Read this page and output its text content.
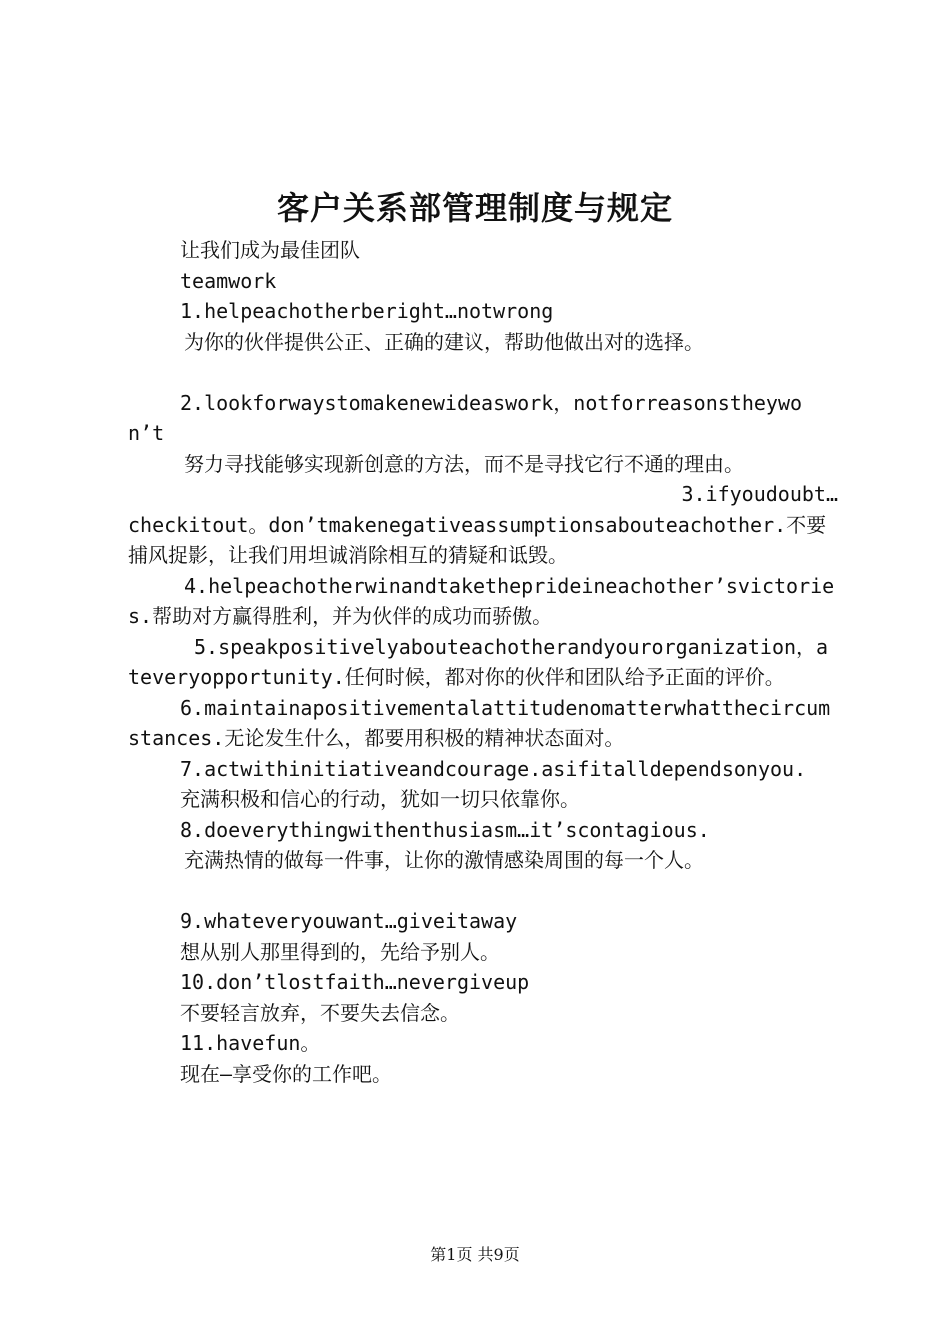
客户关系部管理制度与规定

让我们成为最佳团队

teamwork

1.helpeachotherberight…notwrong

为你的伙伴提供公正、正确的建议，帮助他做出对的选择。

2.lookforwaystomakenewideaswork，notforreasonstheywon’t

努力寻找能够实现新创意的方法，而不是寻找它行不通的理由。

3.ifyoudoubt…

checkitout。don’tmakenegativeassumptionsabouteachother.不要捕风捉影，让我们用坦诚消除相互的猜疑和诋毁。

4.helpeachotherwinandtaketheprideineachother’svictories.帮助对方赢得胜利，并为伙伴的成功而骄傲。

5.speakpositivelyabouteachotherandyourorganization，ateveryopportunity.任何时候，都对你的伙伴和团队给予正面的评价。

6.maintainapositivementalattitudenomatterwhatthecircumstances.无论发生什么，都要用积极的精神状态面对。

7.actwithinitiativeandcourage.asifitalldependsonyou.

充满积极和信心的行动，犹如一切只依靠你。

8.doeverythingwithenthusiasm…it’scontagious.

充满热情的做每一件事，让你的激情感染周围的每一个人。

9.whateveryouwant…giveitaway

想从别人那里得到的，先给予别人。

10.don’tlostfaith…nevergiveup

不要轻言放弃，不要失去信念。

11.havefun。

现在—享受你的工作吧。

第1页 共9页
